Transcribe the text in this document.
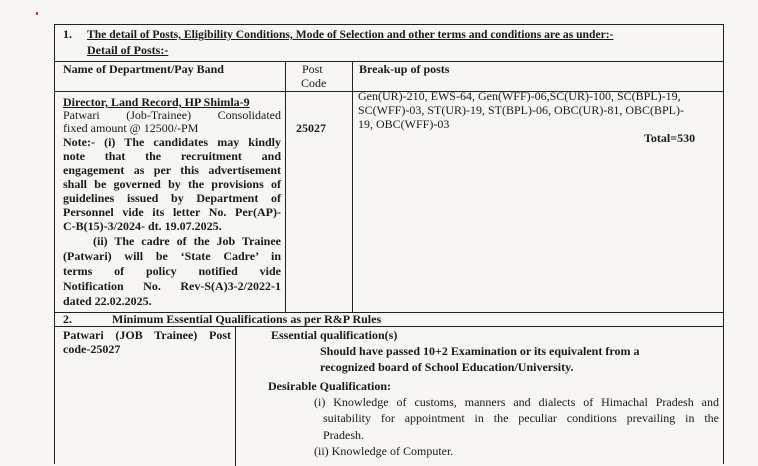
1. The detail of Posts, Eligibility Conditions, Mode of Selection and other terms and conditions are as under:-
Detail of Posts:-
Name of Department/Pay Band	Post
Code
Break-up of posts
Director, Land Record, HP Shimla-9
Patwari (Job-Trainee) Consolidated
fixed amount @ 12500/-PM
Note:- (i) The candidates may kindly
note that the recruitment and
engagement as per this advertisement
shall be governed by the provisions of
guidelines issued by Department of
Personnel vide its letter No. Per(AP)-
C-B(15)-3/2024- dt. 19.07.2025.
(ii) The cadre of the Job Trainee
(Patwari) will be ‘State Cadre’ in
terms of policy notified vide
Notification No. Rev-S(A)3-2/2022-1
dated 22.02.2025.
25027
Gen(UR)-210, EWS-64, Gen(WFF)-06,SC(UR)-100, SC(BPL)-19,
SC(WFF)-03, ST(UR)-19, ST(BPL)-06, OBC(UR)-81, OBC(BPL)-
19, OBC(WFF)-03
Total=530
2.	Minimum Essential Qualifications as per R&P Rules
Patwari (JOB Trainee) Post
code-25027
Essential qualification(s)
Should have passed 10+2 Examination or its equivalent from a
recognized board of School Education/University.
Desirable Qualification:
(i) Knowledge of customs, manners and dialects of Himachal Pradesh and
suitability for appointment in the peculiar conditions prevailing in the
Pradesh.
(ii) Knowledge of Computer.
